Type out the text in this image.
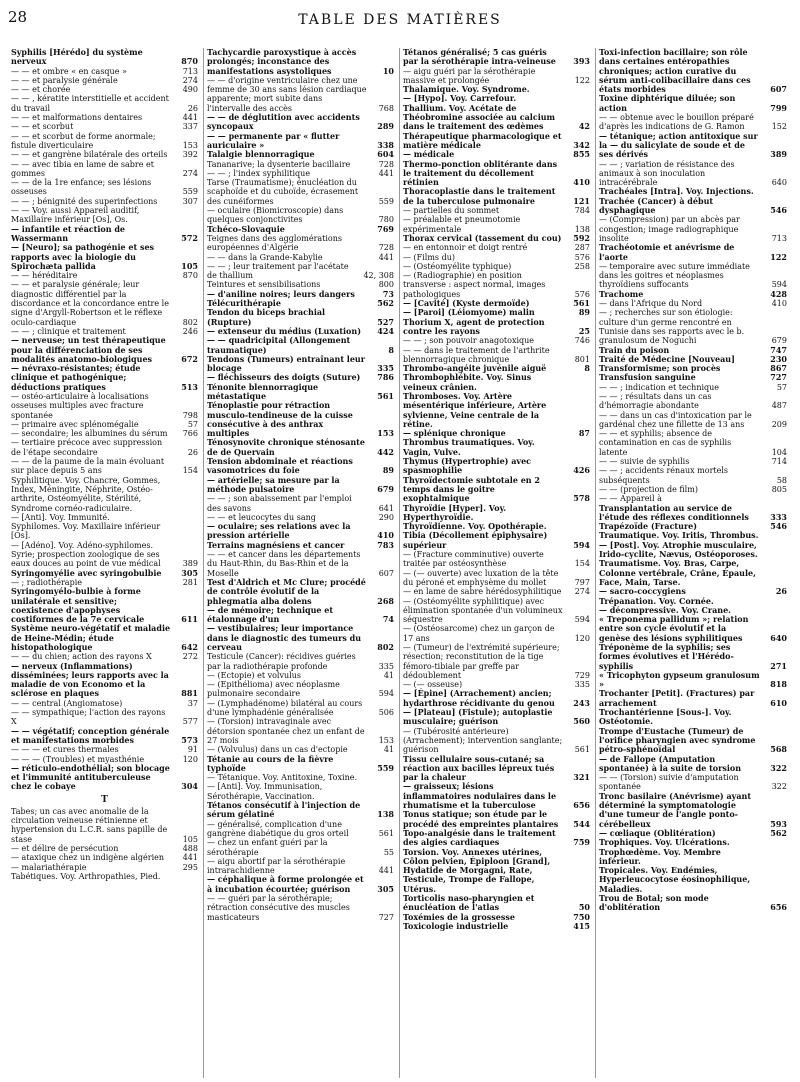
28	TABLE DES MATIÈRES
Syphilis [Hérédo] du système nerveux	870
— — et ombre « en casque »	713
— — et paralysie générale	274
— — et chorée	490
— — , kératite interstitielle et accident du travail	26
— — et malformations dentaires	441
— — et scorbut	337
— — et scorbut de forme anormale; fistule diverticulaire	153
— — et gangrène bilatérale des orteils	392
— — avec tibia en lame de sabre et gommes	274
— — de la 1re enfance; ses lésions osseuses	559
— — ; bénignité des superinfections	307
— — Voy. aussi Appareil auditif, Maxillaire inférieur [Os], Os.
— infantile et réaction de Wassermann	572
— [Neuro]; sa pathogénie et ses rapports avec la biologie du Spirochæta pallida	105
— — héréditaire	870
— — et paralysie générale; leur diagnostic différentiel par la discordance et la concordance entre le signe d'Argyll-Robertson et le réflexe oculo-cardiaque	802
— — ; clinique et traitement	246
— nerveuse; un test thérapeutique pour la différenciation de ses modalités anatomo-biologiques	672
— névraxo-résistantes; étude clinique et pathogénique; déductions pratiques	513
— ostéo-articulaire à localisations osseuses multiples avec fracture spontanée	798
— primaire avec splénomégalie	57
— secondaire; les albumines du sérum	766
— tertiaire précoce avec suppression de l'étape secondaire	26
— — de la paume de la main évoluant sur place depuis 5 ans	154
Syphilitique. Voy. Chancre, Gommes, Index, Méningite, Néphrite, Ostéo-arthrite, Ostéomyélite, Stérilité, Syndrome cornéo-radiculaire.
— [Anti]. Voy. Immunité.
Syphilomes. Voy. Maxillaire inférieur [Os].
— [Adéno]. Voy. Adéno-syphilomes.
Syrie; prospection zoologique de ses eaux douces au point de vue médical	389
Syringomyélie avec syringobulbie	305
— ; radiothérapie	281
Syringomyélo-bulbie à forme unilatérale et sensitive; coexistence d'apophyses costiformes de la 7e cervicale	611
Système neuro-végétatif et maladie de Heine-Médin; étude histopathologique	642
— — du chien; action des rayons X	272
— nerveux (Inflammations) disséminées; leurs rapports avec la maladie de von Economo et la sclérose en plaques	881
— — central (Angiomatose)	37
— — sympathique; l'action des rayons X	577
— — végétatif; conception générale et manifestations morbides	573
— — — et cures thermales	91
— — — (Troubles) et myasthénie	120
— réticulo-endothélial; son blocage et l'immunité antituberculeuse chez le cobaye	304
T
Tabes; un cas avec anomalie de la circulation veineuse rétinienne et hypertension du L.C.R. sans papille de stase	105
— et délire de persécution	488
— ataxique chez un indigène algérien	441
— malariathérapie	295
Tabétiques. Voy. Arthropathies, Pied.
Tachycardie paroxystique à accès prolongés; inconstance des manifestations asystoliques	10
— — d'origine ventriculaire chez une femme de 30 ans sans lésion cardiaque apparente; mort subite dans l'intervalle des accès	768
— — de déglutition avec accidents syncopaux	289
— — permanente par « flutter auriculaire »	338
Talalgie blennorragique	604
Tananarive; la dysenterie bacillaire	728
— — ; l'index syphilitique	441
Tarse (Traumatisme); énucléation du scaphoïde et du cuboïde, écrasement des cunéiformes	559
— oculaire (Biomicroscopie) dans quelques conjonctivites	780
Tchéco-Slovaquie	769
Teignes dans des agglomérations européennes d'Algérie	728
— — dans la Grande-Kabylie	441
— — ; leur traitement par l'acétate de thallium	42, 308
Teintures et sensibilisations	800
— d'aniline noires; leurs dangers	73
Télécurithérapie	562
Tendon du biceps brachial (Rupture)	527
— extenseur du médius (Luxation)	424
— — quadricipital (Allongement traumatique)	8
Tendons (Tumeurs) entraînant leur blocage	335
— fléchisseurs des doigts (Suture)	786
Ténonite blennorragique métastatique	561
Ténoplastie pour rétraction musculo-tendineuse de la cuisse consécutive à des anthrax multiples	153
Ténosynovite chronique sténosante de de Quervain	442
Tension abdominale et réactions vasomotrices du foie	89
— artérielle; sa mesure par la méthode pulsatoire	679
— — ; son abaissement par l'emploi des savons	641
— — et leucocytes du sang	290
— oculaire; ses relations avec la pression artérielle	410
Terrains magnésiens et cancer	783
— — et cancer dans les départements du Haut-Rhin, du Bas-Rhin et de la Moselle	607
Test d'Aldrich et Mc Clure; procédé de contrôle évolutif de la phlegmatia alba dolens	268
— de mémoire; technique et étalonnage d'un	74
— vestibulaires; leur importance dans le diagnostic des tumeurs du cerveau	802
Testicule (Cancer): récidives guéries par la radiothérapie profonde	335
— (Ectopie) et volvulus	41
— (Epithélioma) avec néoplasme pulmonaire secondaire	594
— (Lymphadénome) bilatéral au cours d'une lymphadénie généralisée	506
— (Torsion) intravaginale avec détorsion spontanée chez un enfant de 27 mois	153
— (Volvulus) dans un cas d'ectopie	41
Tétanie au cours de la fièvre typhoïde	559
— Tétanique. Voy. Antitoxine, Toxine.
— [Anti]. Voy. Immunisation, Sérothérapie, Vaccination.
Tétanos consécutif à l'injection de sérum gélatiné	138
— généralisé, complication d'une gangrène diabétique du gros orteil	561
— chez un enfant guéri par la sérothérapie	55
— aigu abortif par la sérothérapie intrarachidienne	441
— céphalique à forme prolongée et à incubation écourtée; guérison	305
— — guéri par la sérothérapie; rétraction consécutive des muscles masticateurs	727
Tétanos généralisé; 5 cas guéris par la sérothérapie intra-veineuse	393
— aigu guéri par la sérothérapie massive et prolongée	122
Thalamique. Voy. Syndrome.
— [Hypo]. Voy. Carrefour.
Thallium. Voy. Acétate de
Théobromine associée au calcium dans le traitement des œdèmes	42
Thérapeutique pharmacologique et matière médicale	342
— médicale	855
Thermo-ponction oblitérante dans le traitement du décollement rétinien	410
Thoracoplastie dans le traitement de la tuberculose pulmonaire	121
— partielles du sommet	784
— préalable et pneumotomie expérimentale	138
Thorax cervical (tassement du cou)	592
— en entonnoir et doigt rentré	287
— (Films du)	576
— (Ostéomyélite typhique)	258
— (Radiographie) en position transverse : aspect normal, images pathologiques	576
— [Cavité] (Kyste dermoïde)	561
— [Paroi] (Léiomyome) malin	89
Thorium X, agent de protection contre les rayons	25
— — ; son pouvoir anagotoxique	746
— — dans le traitement de l'arthrite blennorragique chronique	801
Thrombo-angéite juvénile aiguë	8
Thrombophlébite. Voy. Sinus veineux crânien.
Thromboses. Voy. Artère mésentérique inférieure, Artère sylvienne, Veine centrale de la rétine.
— splénique chronique	87
Thrombus traumatiques. Voy. Vagin, Vulve.
Thymus (Hypertrophie) avec spasmophilie	426
Thyroïdectomie subtotale en 2 temps dans le goitre exophtalmique	578
Thyroïdie [Hyper]. Voy. Hyperthyroïdie.
Thyroïdienne. Voy. Opothérapie.
Tibia (Décollement épiphysaire) supérieur	594
— (Fracture comminutive) ouverte traitée par ostéosynthèse	154
— (— ouverte) avec luxation de la tête du péroné et emphysème du mollet	797
— en lame de sabre hérédosyphilitique	274
— (Ostéomyélite syphilitique) avec élimination spontanée d'un volumineux séquestre	594
— (Ostéosarcome) chez un garçon de 17 ans	120
— (Tumeur) de l'extrémité supérieure; résection; reconstitution de la tige fémoro-tibiale par greffe par dédoublement	729
— (— osseuse)	335
— [Épine] (Arrachement) ancien; hydarthrose récidivante du genou	243
— [Plateau] (Fistule); autoplastie musculaire; guérison	560
— (Tubérosité antérieure) (Arrachement); intervention sanglante; guérison	561
Tissu cellulaire sous-cutané; sa réaction aux bacilles lépreux tués par la chaleur	321
— graisseux; lésions inflammatoires nodulaires dans le rhumatisme et la tuberculose	656
Tonus statique; son étude par le procédé des empreintes plantaires	544
Topo-analgésie dans le traitement des algies cardiaques	759
Torsion. Voy. Annexes utérines, Côlon pelvien, Épiploon [Grand], Hydatide de Morgagni, Rate, Testicule, Trompe de Fallope, Utérus.
Torticolis naso-pharyngien et énucléation de l'atlas	50
Toxémies de la grossesse	750
Toxicologie industrielle	415
Toxi-infection bacillaire; son rôle dans certaines entéropathies chroniques; action curative du sérum anti-colibacillaire dans ces états morbides	607
Toxine diphtérique diluée; son action	799
— — obtenue avec le bouillon préparé d'après les indications de G. Ramon	152
— tétanique; action antitoxique sur la — du salicylate de soude et de ses dérivés	389
— — ; variation de résistance des animaux à son inoculation intracérébrale	640
Trachéales [Intra]. Voy. Injections.
Trachée (Cancer) à début dysphagique	546
— (Compression) par un abcès par congestion; image radiographique insolite	713
Trachéotomie et anévrisme de l'aorte	122
— temporaire avec suture immédiate dans les goitres et néoplasmes thyroïdiens suffocants	594
Trachome	428
— dans l'Afrique du Nord	410
— ; recherches sur son étiologie: culture d'un germe rencontré en Tunisie dans ses rapports avec le b. granulosum de Noguchi	679
Train du poison	747
Traité de Médecine [Nouveau]	230
Transformisme; son procès	867
Transfusion sanguine	727
— — ; indication et technique	57
— — ; résultats dans un cas d'hémorragie abondante	487
— — dans un cas d'intoxication par le gardénal chez une fillette de 13 ans	209
— — et syphilis; absence de contamination en cas de syphilis latente	104
— — suivie de syphilis	714
— — ; accidents rénaux mortels subséquents	58
— — (projection de film)	805
— — Appareil à
Transplantation au service de l'étude des réflexes conditionnels	333
Trapézoïde (Fracture)	546
Traumatique. Voy. Iritis, Thrombus.
— [Post]. Voy. Atrophie musculaire, Irido-cyclite, Nævus, Ostéoporoses.
Traumatisme. Voy. Bras, Carpe, Colonne vertébrale, Crâne, Épaule, Face, Main, Tarse.
— sacro-coccygiens	26
Trépanation. Voy. Cornée.
— décompressive. Voy. Crane.
« Treponema pallidum »; relation entre son cycle évolutif et la genèse des lésions syphilitiques	640
Tréponème de la syphilis; ses formes évolutives et l'Hérédo-syphilis	271
« Tricophyton gypseum granulosum »	818
Trochanter [Petit]. (Fractures) par arrachement	610
Trochantérienne [Sous-]. Voy. Ostéotomie.
Trompe d'Eustache (Tumeur) de l'orifice pharyngien avec syndrome pétro-sphénoïdal	568
— de Fallope (Amputation spontanée) à la suite de torsion	322
— — (Torsion) suivie d'amputation spontanée	322
Tronc basilaire (Anévrisme) ayant déterminé la symptomatologie d'une tumeur de l'angle ponto-cérébelleux	593
— cœliaque (Oblitération)	562
Trophiques. Voy. Ulcérations.
Trophœdème. Voy. Membre inférieur.
Tropicales. Voy. Endémies, Hyperleucocytose éosinophilique, Maladies.
Trou de Botal; son mode d'oblitération	656
